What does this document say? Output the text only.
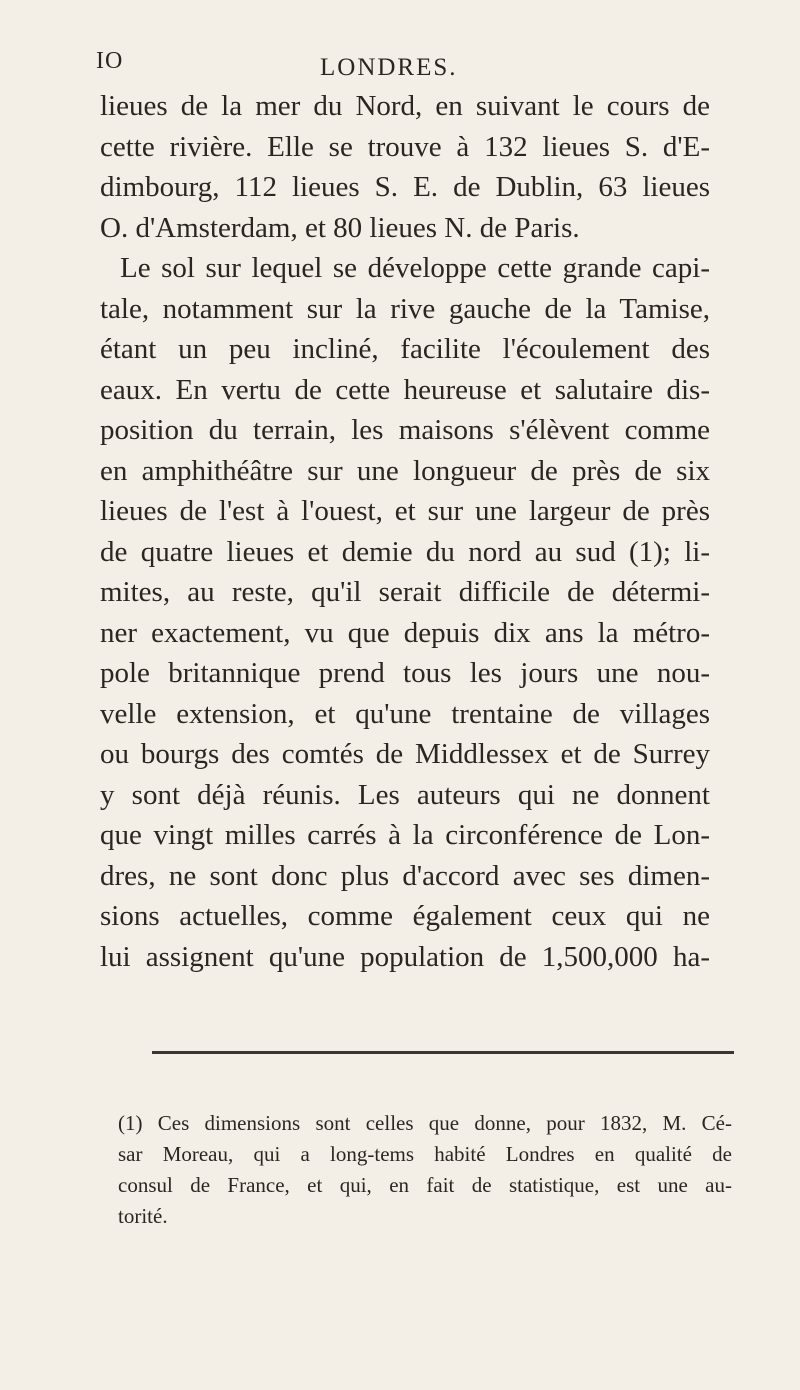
IO	LONDRES.
lieues de la mer du Nord, en suivant le cours de
cette rivière. Elle se trouve à 132 lieues S. d'E-
dimbourg, 112 lieues S. E. de Dublin, 63 lieues
O. d'Amsterdam, et 80 lieues N. de Paris.
Le sol sur lequel se développe cette grande capi-
tale, notamment sur la rive gauche de la Tamise,
étant un peu incliné, facilite l'écoulement des
eaux. En vertu de cette heureuse et salutaire dis-
position du terrain, les maisons s'élèvent comme
en amphithéâtre sur une longueur de près de six
lieues de l'est à l'ouest, et sur une largeur de près
de quatre lieues et demie du nord au sud (1); li-
mites, au reste, qu'il serait difficile de détermi-
ner exactement, vu que depuis dix ans la métro-
pole britannique prend tous les jours une nou-
velle extension, et qu'une trentaine de villages
ou bourgs des comtés de Middlessex et de Surrey
y sont déjà réunis. Les auteurs qui ne donnent
que vingt milles carrés à la circonférence de Lon-
dres, ne sont donc plus d'accord avec ses dimen-
sions actuelles, comme également ceux qui ne
lui assignent qu'une population de 1,500,000 ha-
(1) Ces dimensions sont celles que donne, pour 1832, M. Cé-
sar Moreau, qui a long-tems habité Londres en qualité de
consul de France, et qui, en fait de statistique, est une au-
torité.
